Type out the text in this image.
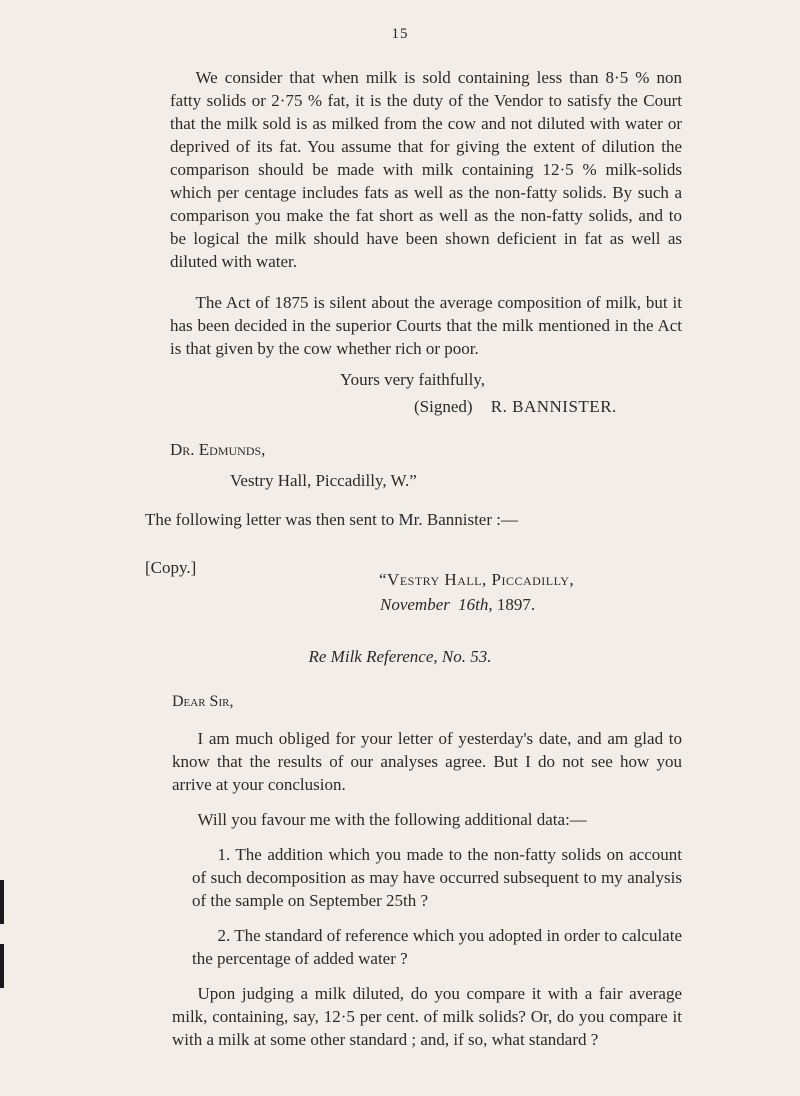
15

We consider that when milk is sold containing less than 8·5 % non fatty solids or 2·75 % fat, it is the duty of the Vendor to satisfy the Court that the milk sold is as milked from the cow and not diluted with water or deprived of its fat. You assume that for giving the extent of dilution the comparison should be made with milk containing 12·5 % milk-solids which per centage includes fats as well as the non-fatty solids. By such a comparison you make the fat short as well as the non-fatty solids, and to be logical the milk should have been shown deficient in fat as well as diluted with water.

The Act of 1875 is silent about the average composition of milk, but it has been decided in the superior Courts that the milk mentioned in the Act is that given by the cow whether rich or poor.

Yours very faithfully,

(Signed) R. BANNISTER.

Dr. Edmunds,

Vestry Hall, Piccadilly, W.”

The following letter was then sent to Mr. Bannister :—

[Copy.]
“Vestry Hall, Piccadilly,
November 16th, 1897.
Re Milk Reference, No. 53.
Dear Sir,

I am much obliged for your letter of yesterday's date, and am glad to know that the results of our analyses agree. But I do not see how you arrive at your conclusion.

Will you favour me with the following additional data:—

1. The addition which you made to the non-fatty solids on account of such decomposition as may have occurred subsequent to my analysis of the sample on September 25th ?

2. The standard of reference which you adopted in order to calculate the percentage of added water ?

Upon judging a milk diluted, do you compare it with a fair average milk, containing, say, 12·5 per cent. of milk solids? Or, do you compare it with a milk at some other standard ; and, if so, what standard ?
